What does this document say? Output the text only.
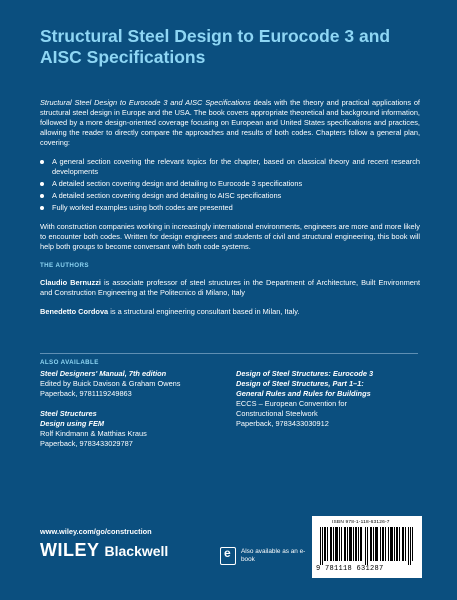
Structural Steel Design to Eurocode 3 and AISC Specifications

Structural Steel Design to Eurocode 3 and AISC Specifications deals with the theory and practical applications of structural steel design in Europe and the USA. The book covers appropriate theoretical and background information, followed by a more design-oriented coverage focusing on European and United States specifications and practices, allowing the reader to directly compare the approaches and results of both codes. Chapters follow a general plan, covering:

A general section covering the relevant topics for the chapter, based on classical theory and recent research developments
A detailed section covering design and detailing to Eurocode 3 specifications
A detailed section covering design and detailing to AISC specifications
Fully worked examples using both codes are presented

With construction companies working in increasingly international environments, engineers are more and more likely to encounter both codes. Written for design engineers and students of civil and structural engineering, this book will help both groups to become conversant with both code systems.

THE AUTHORS

Claudio Bernuzzi is associate professor of steel structures in the Department of Architecture, Built Environment and Construction Engineering at the Politecnico di Milano, Italy

Benedetto Cordova is a structural engineering consultant based in Milan, Italy.

ALSO AVAILABLE
Steel Designers' Manual, 7th edition
Edited by Buick Davison & Graham Owens
Paperback, 9781119249863
Steel Structures
Design using FEM
Rolf Kindmann & Matthias Kraus
Paperback, 9783433029787
Design of Steel Structures: Eurocode 3
Design of Steel Structures, Part 1–1:
General Rules and Rules for Buildings
ECCS – European Convention for
Constructional Steelwork
Paperback, 9783433030912
www.wiley.com/go/construction
WILEY Blackwell
e	Also available as an e-book
ISBN 978-1-118-63126-7
9 781118 631287
